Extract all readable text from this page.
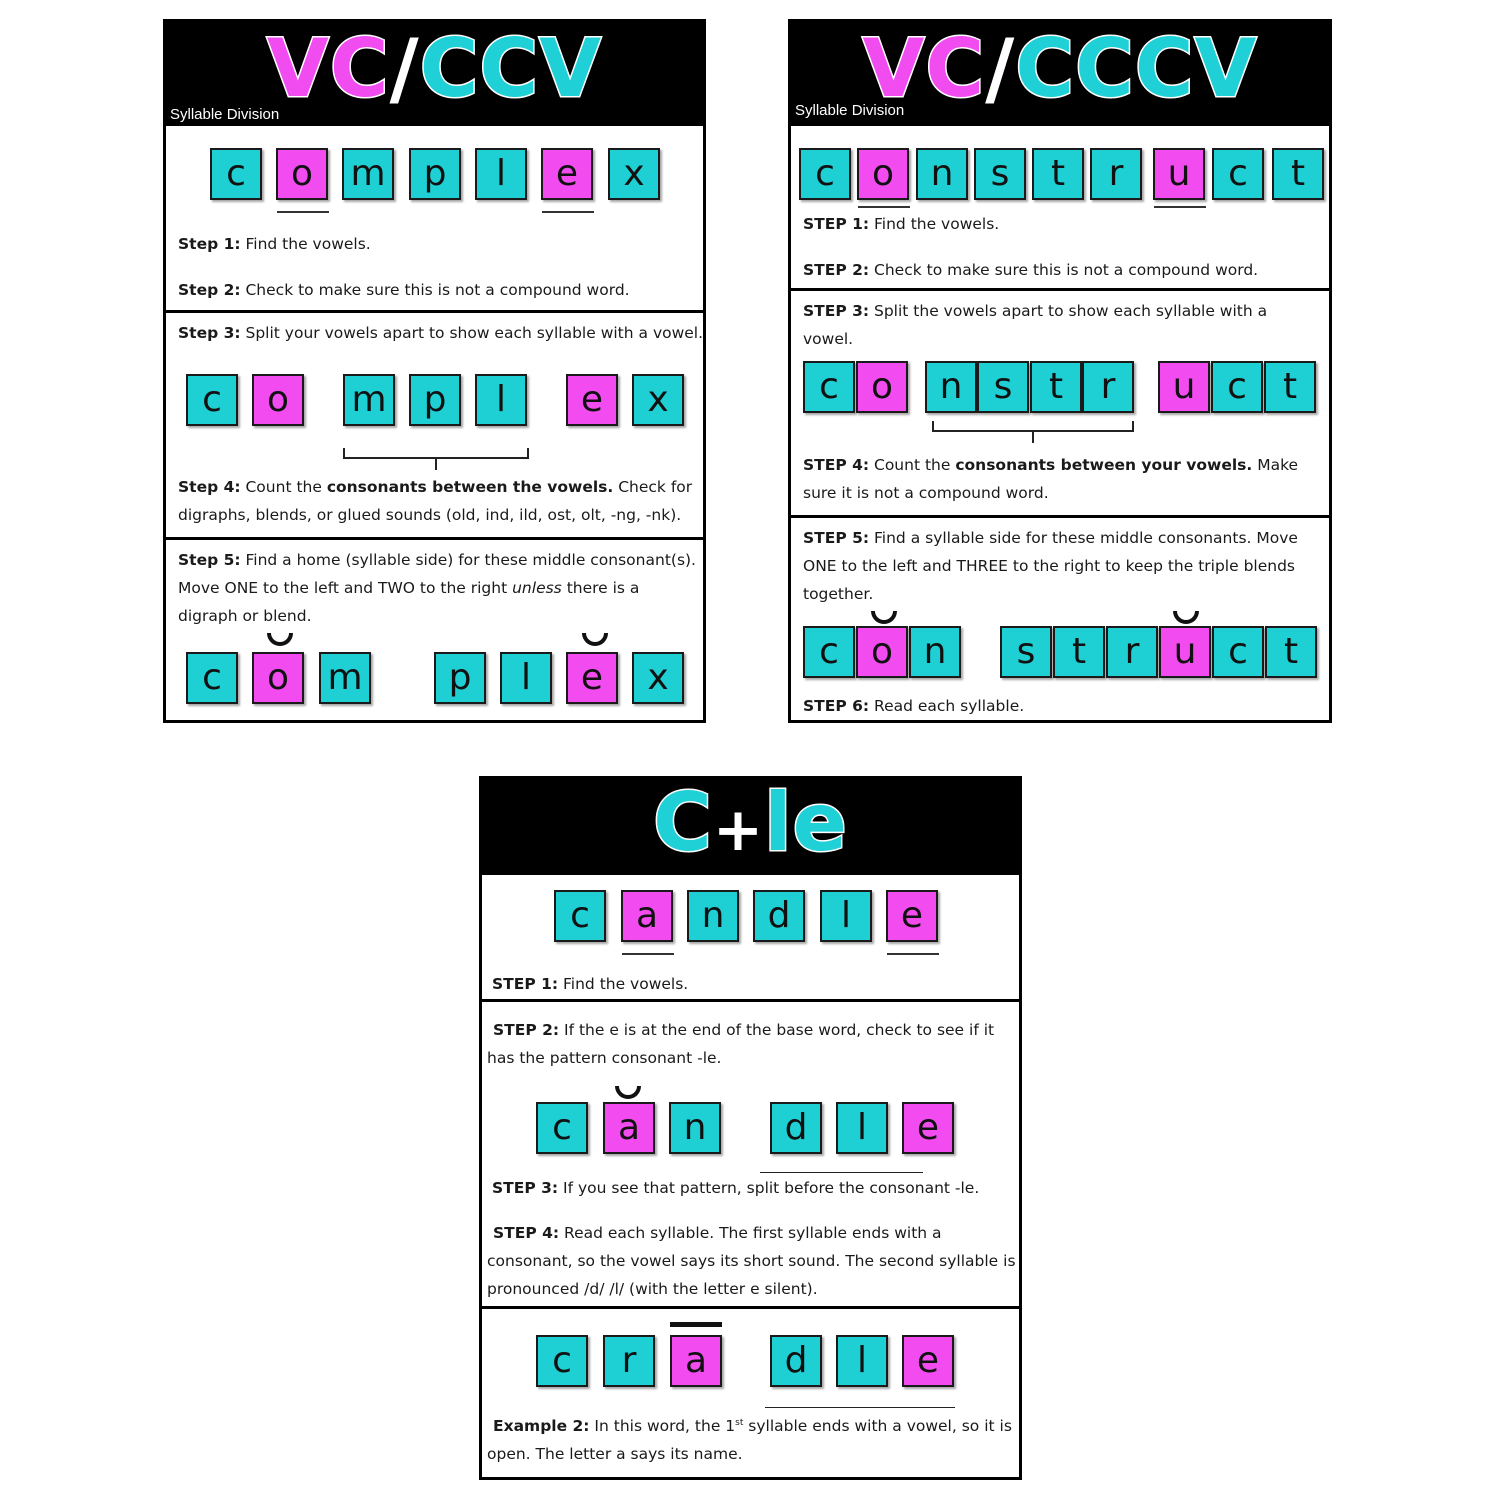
VC/CCV
Syllable Division
c	o	m	p	l	e	x
Step 1: Find the vowels.
Step 2: Check to make sure this is not a compound word.
Step 3: Split your vowels apart to show each syllable with a vowel.
c	o	m	p	l	e	x
Step 4: Count the consonants between the vowels. Check for digraphs, blends, or glued sounds (old, ind, ild, ost, olt, -ng, -nk).
Step 5: Find a home (syllable side) for these middle consonant(s). Move ONE to the left and TWO to the right unless there is a digraph or blend.
c	o	m	p	l	e	x
VC/CCCV
Syllable Division
c	o	n	s	t	r	u	c	t
STEP 1: Find the vowels.
STEP 2: Check to make sure this is not a compound word.
STEP 3: Split the vowels apart to show each syllable with a vowel.
c o	n s	t	r	u c	t
STEP 4: Count the consonants between your vowels. Make sure it is not a compound word.
STEP 5: Find a syllable side for these middle consonants. Move ONE to the left and THREE to the right to keep the triple blends together.
c o n	s	t	r u c	t
STEP 6: Read each syllable.
C+le
c	a	n	d	l	e
STEP 1: Find the vowels.
STEP 2: If the e is at the end of the base word, check to see if it has the pattern consonant -le.
c	a	n	d	l	e
STEP 3: If you see that pattern, split before the consonant -le.
STEP 4: Read each syllable. The first syllable ends with a consonant, so the vowel says its short sound. The second syllable is pronounced /d/ /l/ (with the letter e silent).
c	r	a	d	l	e
Example 2: In this word, the 1st syllable ends with a vowel, so it is open. The letter a says its name.
